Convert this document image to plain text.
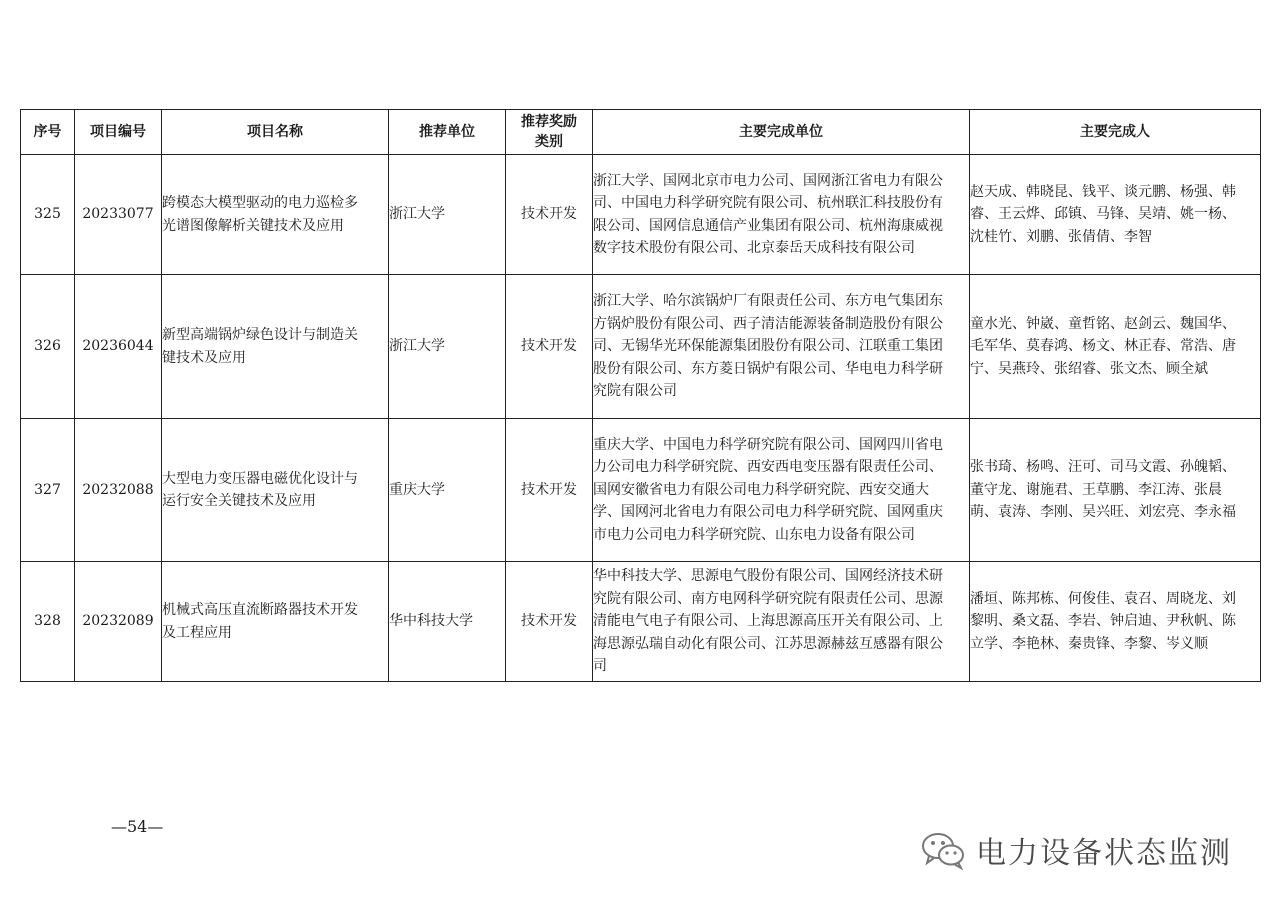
序号	项目编号	项目名称	推荐单位	推荐奖励类别	主要完成单位	主要完成人
325	20233077	跨模态大模型驱动的电力巡检多光谱图像解析关键技术及应用	浙江大学	技术开发	浙江大学、国网北京市电力公司、国网浙江省电力有限公司、中国电力科学研究院有限公司、杭州联汇科技股份有限公司、国网信息通信产业集团有限公司、杭州海康威视数字技术股份有限公司、北京泰岳天成科技有限公司	赵天成、韩晓昆、钱平、谈元鹏、杨强、韩睿、王云烨、邱镇、马锋、吴靖、姚一杨、沈桂竹、刘鹏、张倩倩、李智

326	20236044	新型高端锅炉绿色设计与制造关键技术及应用	浙江大学	技术开发	浙江大学、哈尔滨锅炉厂有限责任公司、东方电气集团东方锅炉股份有限公司、西子清洁能源装备制造股份有限公司、无锡华光环保能源集团股份有限公司、江联重工集团股份有限公司、东方菱日锅炉有限公司、华电电力科学研究院有限公司	童水光、钟崴、童哲铭、赵剑云、魏国华、毛军华、莫春鸿、杨文、林正春、常浩、唐宁、吴燕玲、张绍睿、张文杰、顾全斌

327	20232088	大型电力变压器电磁优化设计与运行安全关键技术及应用	重庆大学	技术开发	重庆大学、中国电力科学研究院有限公司、国网四川省电力公司电力科学研究院、西安西电变压器有限责任公司、国网安徽省电力有限公司电力科学研究院、西安交通大学、国网河北省电力有限公司电力科学研究院、国网重庆市电力公司电力科学研究院、山东电力设备有限公司	张书琦、杨鸣、汪可、司马文霞、孙魄韬、董守龙、谢施君、王草鹏、李江涛、张晨萌、袁涛、李刚、吴兴旺、刘宏亮、李永福

328	20232089	机械式高压直流断路器技术开发及工程应用	华中科技大学	技术开发	华中科技大学、思源电气股份有限公司、国网经济技术研究院有限公司、南方电网科学研究院有限责任公司、思源清能电气电子有限公司、上海思源高压开关有限公司、上海思源弘瑞自动化有限公司、江苏思源赫兹互感器有限公司	潘垣、陈邦栋、何俊佳、袁召、周晓龙、刘黎明、桑文磊、李岩、钟启迪、尹秋帆、陈立学、李艳林、秦贵锋、李黎、岑义顺
—54—
电力设备状态监测
